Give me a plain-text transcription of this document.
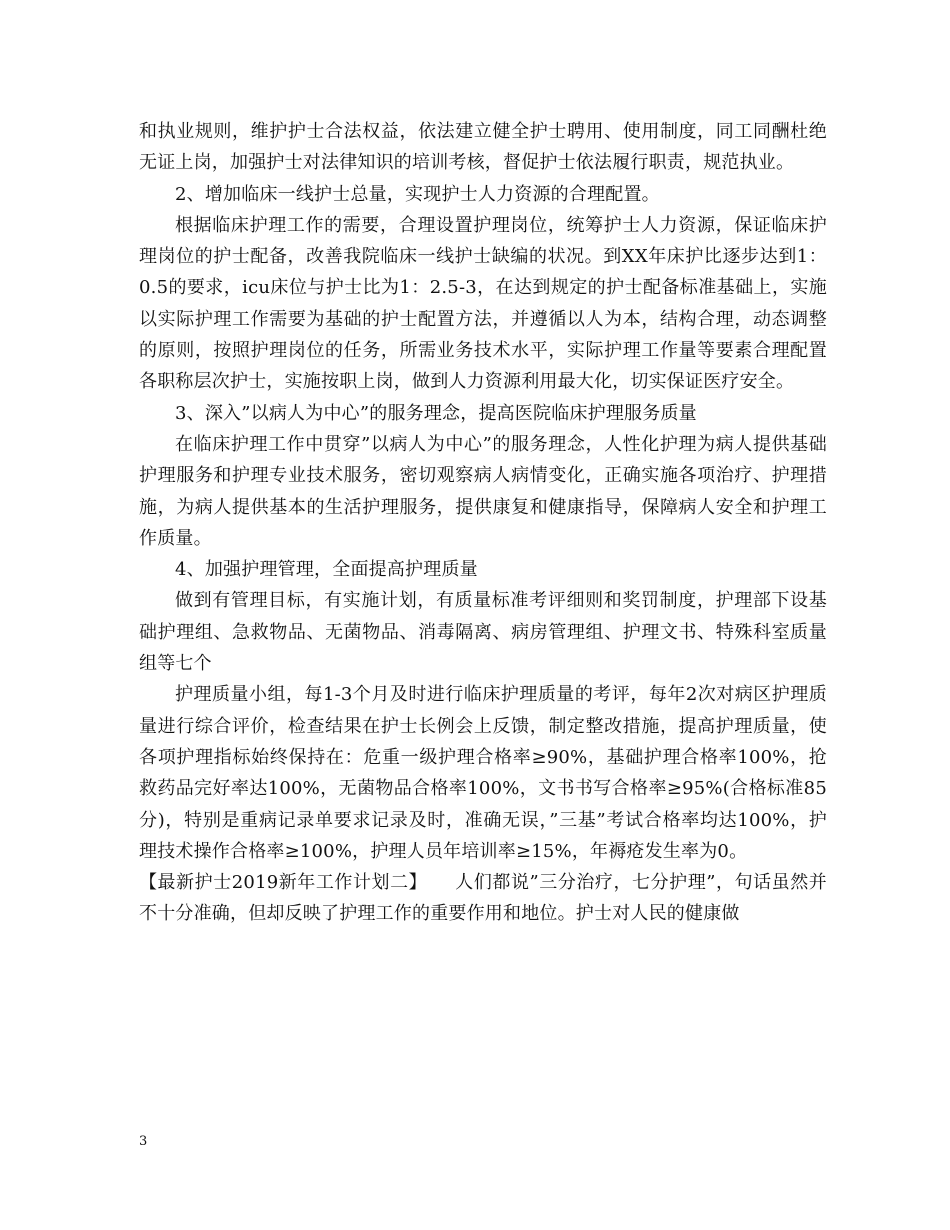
和执业规则，维护护士合法权益，依法建立健全护士聘用、使用制度，同工同酬杜绝无证上岗，加强护士对法律知识的培训考核，督促护士依法履行职责，规范执业。

2、增加临床一线护士总量，实现护士人力资源的合理配置。

根据临床护理工作的需要，合理设置护理岗位，统筹护士人力资源，保证临床护理岗位的护士配备，改善我院临床一线护士缺编的状况。到XX年床护比逐步达到1：0.5的要求，icu床位与护士比为1：2.5-3，在达到规定的护士配备标准基础上，实施以实际护理工作需要为基础的护士配置方法，并遵循以人为本，结构合理，动态调整的原则，按照护理岗位的任务，所需业务技术水平，实际护理工作量等要素合理配置各职称层次护士，实施按职上岗，做到人力资源利用最大化，切实保证医疗安全。

3、深入”以病人为中心”的服务理念，提高医院临床护理服务质量

在临床护理工作中贯穿”以病人为中心”的服务理念，人性化护理为病人提供基础护理服务和护理专业技术服务，密切观察病人病情变化，正确实施各项治疗、护理措施，为病人提供基本的生活护理服务，提供康复和健康指导，保障病人安全和护理工作质量。

4、加强护理管理，全面提高护理质量

做到有管理目标，有实施计划，有质量标准考评细则和奖罚制度，护理部下设基础护理组、急救物品、无菌物品、消毒隔离、病房管理组、护理文书、特殊科室质量组等七个

护理质量小组，每1-3个月及时进行临床护理质量的考评，每年2次对病区护理质量进行综合评价，检查结果在护士长例会上反馈，制定整改措施，提高护理质量，使各项护理指标始终保持在：危重一级护理合格率≥90%，基础护理合格率100%，抢救药品完好率达100%，无菌物品合格率100%，文书书写合格率≥95%(合格标准85分)，特别是重病记录单要求记录及时，准确无误，”三基”考试合格率均达100%，护理技术操作合格率≥100%，护理人员年培训率≥15%，年褥疮发生率为0。

【最新护士2019新年工作计划二】　　人们都说”三分治疗，七分护理”，句话虽然并不十分准确，但却反映了护理工作的重要作用和地位。护士对人民的健康做

3
